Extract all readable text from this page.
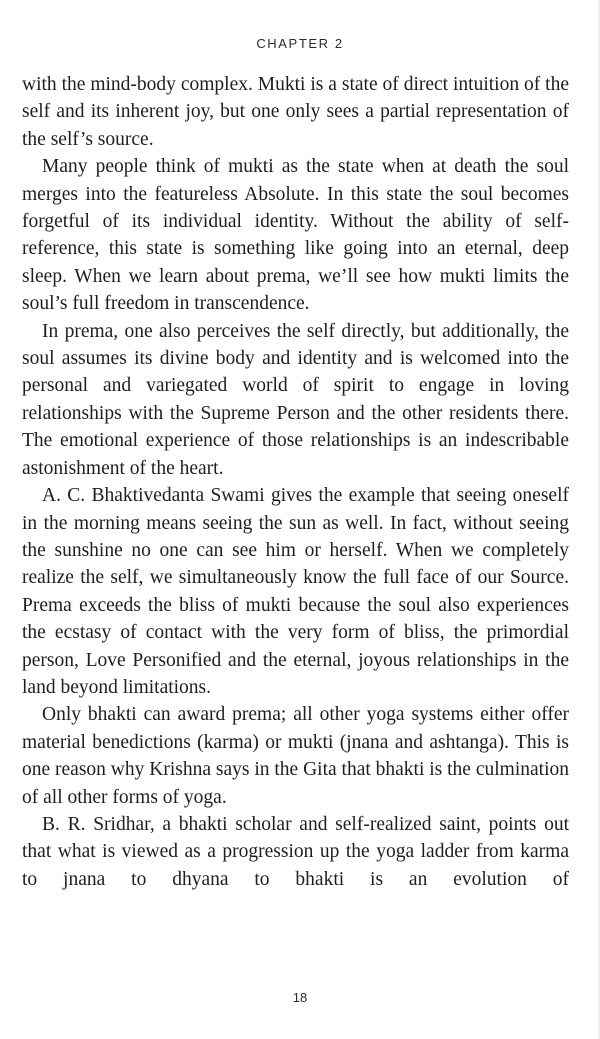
CHAPTER 2

with the mind-body complex. Mukti is a state of direct intuition of the self and its inherent joy, but one only sees a partial representation of the self’s source.

Many people think of mukti as the state when at death the soul merges into the featureless Absolute. In this state the soul becomes forgetful of its individual identity. Without the ability of self-reference, this state is something like going into an eternal, deep sleep. When we learn about prema, we’ll see how mukti limits the soul’s full freedom in transcendence.

In prema, one also perceives the self directly, but additionally, the soul assumes its divine body and identity and is welcomed into the personal and variegated world of spirit to engage in loving relationships with the Supreme Person and the other residents there. The emotional experience of those relationships is an indescribable astonishment of the heart.

A. C. Bhaktivedanta Swami gives the example that seeing oneself in the morning means seeing the sun as well. In fact, without seeing the sunshine no one can see him or herself. When we completely realize the self, we simultaneously know the full face of our Source. Prema exceeds the bliss of mukti because the soul also experiences the ecstasy of contact with the very form of bliss, the primordial person, Love Personified and the eternal, joyous relationships in the land beyond limitations.

Only bhakti can award prema; all other yoga systems either offer material benedictions (karma) or mukti (jnana and ashtanga). This is one reason why Krishna says in the Gita that bhakti is the culmination of all other forms of yoga.

B. R. Sridhar, a bhakti scholar and self-realized saint, points out that what is viewed as a progression up the yoga ladder from karma to jnana to dhyana to bhakti is an evolution of

18
